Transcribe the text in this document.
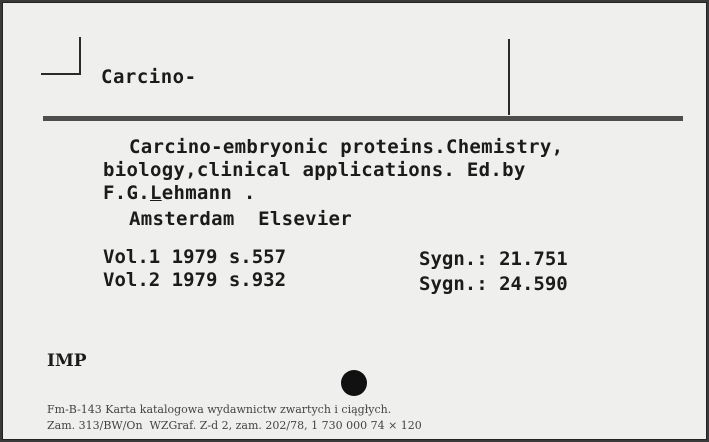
Carcino-
Carcino-embryonic proteins.Chemistry,
biology,clinical applications. Ed.by
F.G.Lehmann .
Amsterdam  Elsevier
Vol.1 1979 s.557	Sygn.: 21.751
Vol.2 1979 s.932	Sygn.: 24.590
IMP
Fm-B-143 Karta katalogowa wydawnictw zwartych i ciągłych.
Zam. 313/BW/On  WZGraf. Z-d 2, zam. 202/78, 1 730 000 74 × 120
